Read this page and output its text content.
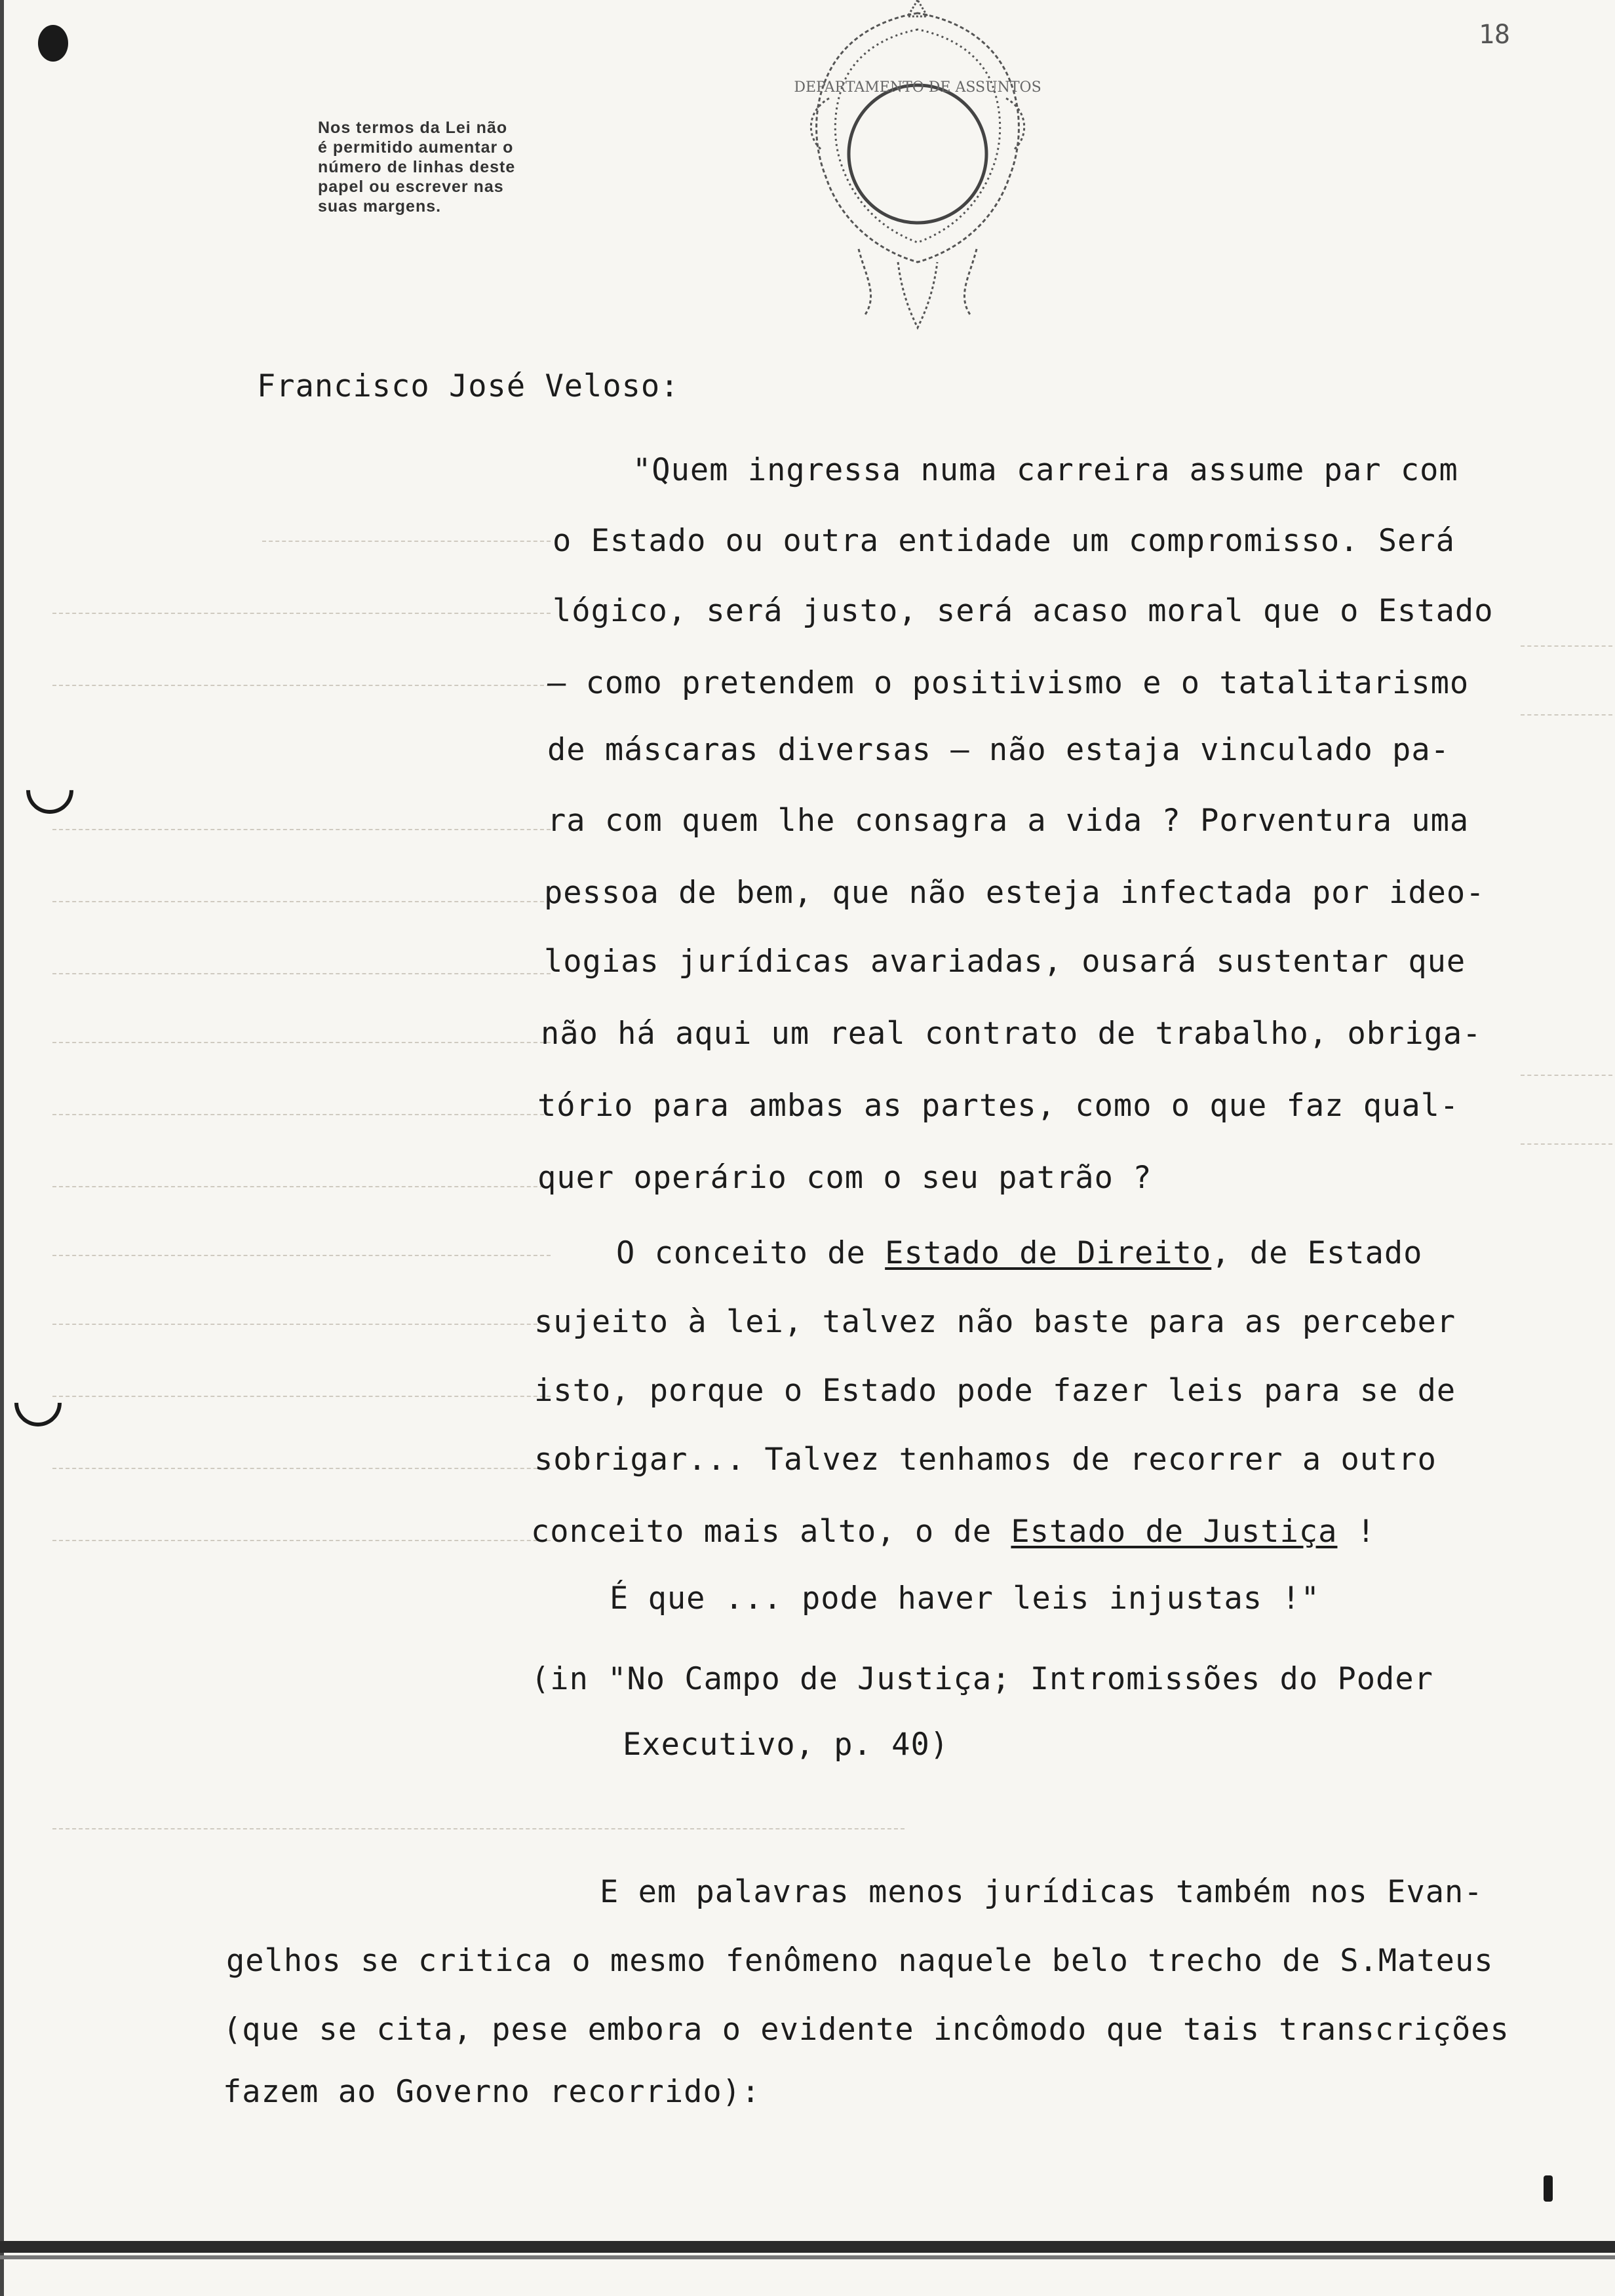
18
Nos termos da Lei não
é permitido aumentar o
número de linhas deste
papel ou escrever nas
suas margens.
DEPARTAMENTO DE ASSUNTOS
Francisco José Veloso:
"Quem ingressa numa carreira assume par com
o Estado ou outra entidade um compromisso. Será
lógico, será justo, será acaso moral que o Estado
– como pretendem o positivismo e o tatalitarismo
de máscaras diversas – não estaja vinculado pa-
ra com quem lhe consagra a vida ? Porventura uma
pessoa de bem, que não esteja infectada por ideo-
logias jurídicas avariadas, ousará sustentar que
não há aqui um real contrato de trabalho, obriga-
tório para ambas as partes, como o que faz qual-
quer operário com o seu patrão ?
O conceito de Estado de Direito, de Estado
sujeito à lei, talvez não baste para as perceber
isto, porque o Estado pode fazer leis para se de
sobrigar... Talvez tenhamos de recorrer a outro
conceito mais alto, o de Estado de Justiça !
É que ... pode haver leis injustas !"
(in "No Campo de Justiça; Intromissões do Poder
Executivo, p. 40)
E em palavras menos jurídicas também nos Evan-
gelhos se critica o mesmo fenômeno naquele belo trecho de S.Mateus
(que se cita, pese embora o evidente incômodo que tais transcrições
fazem ao Governo recorrido):
